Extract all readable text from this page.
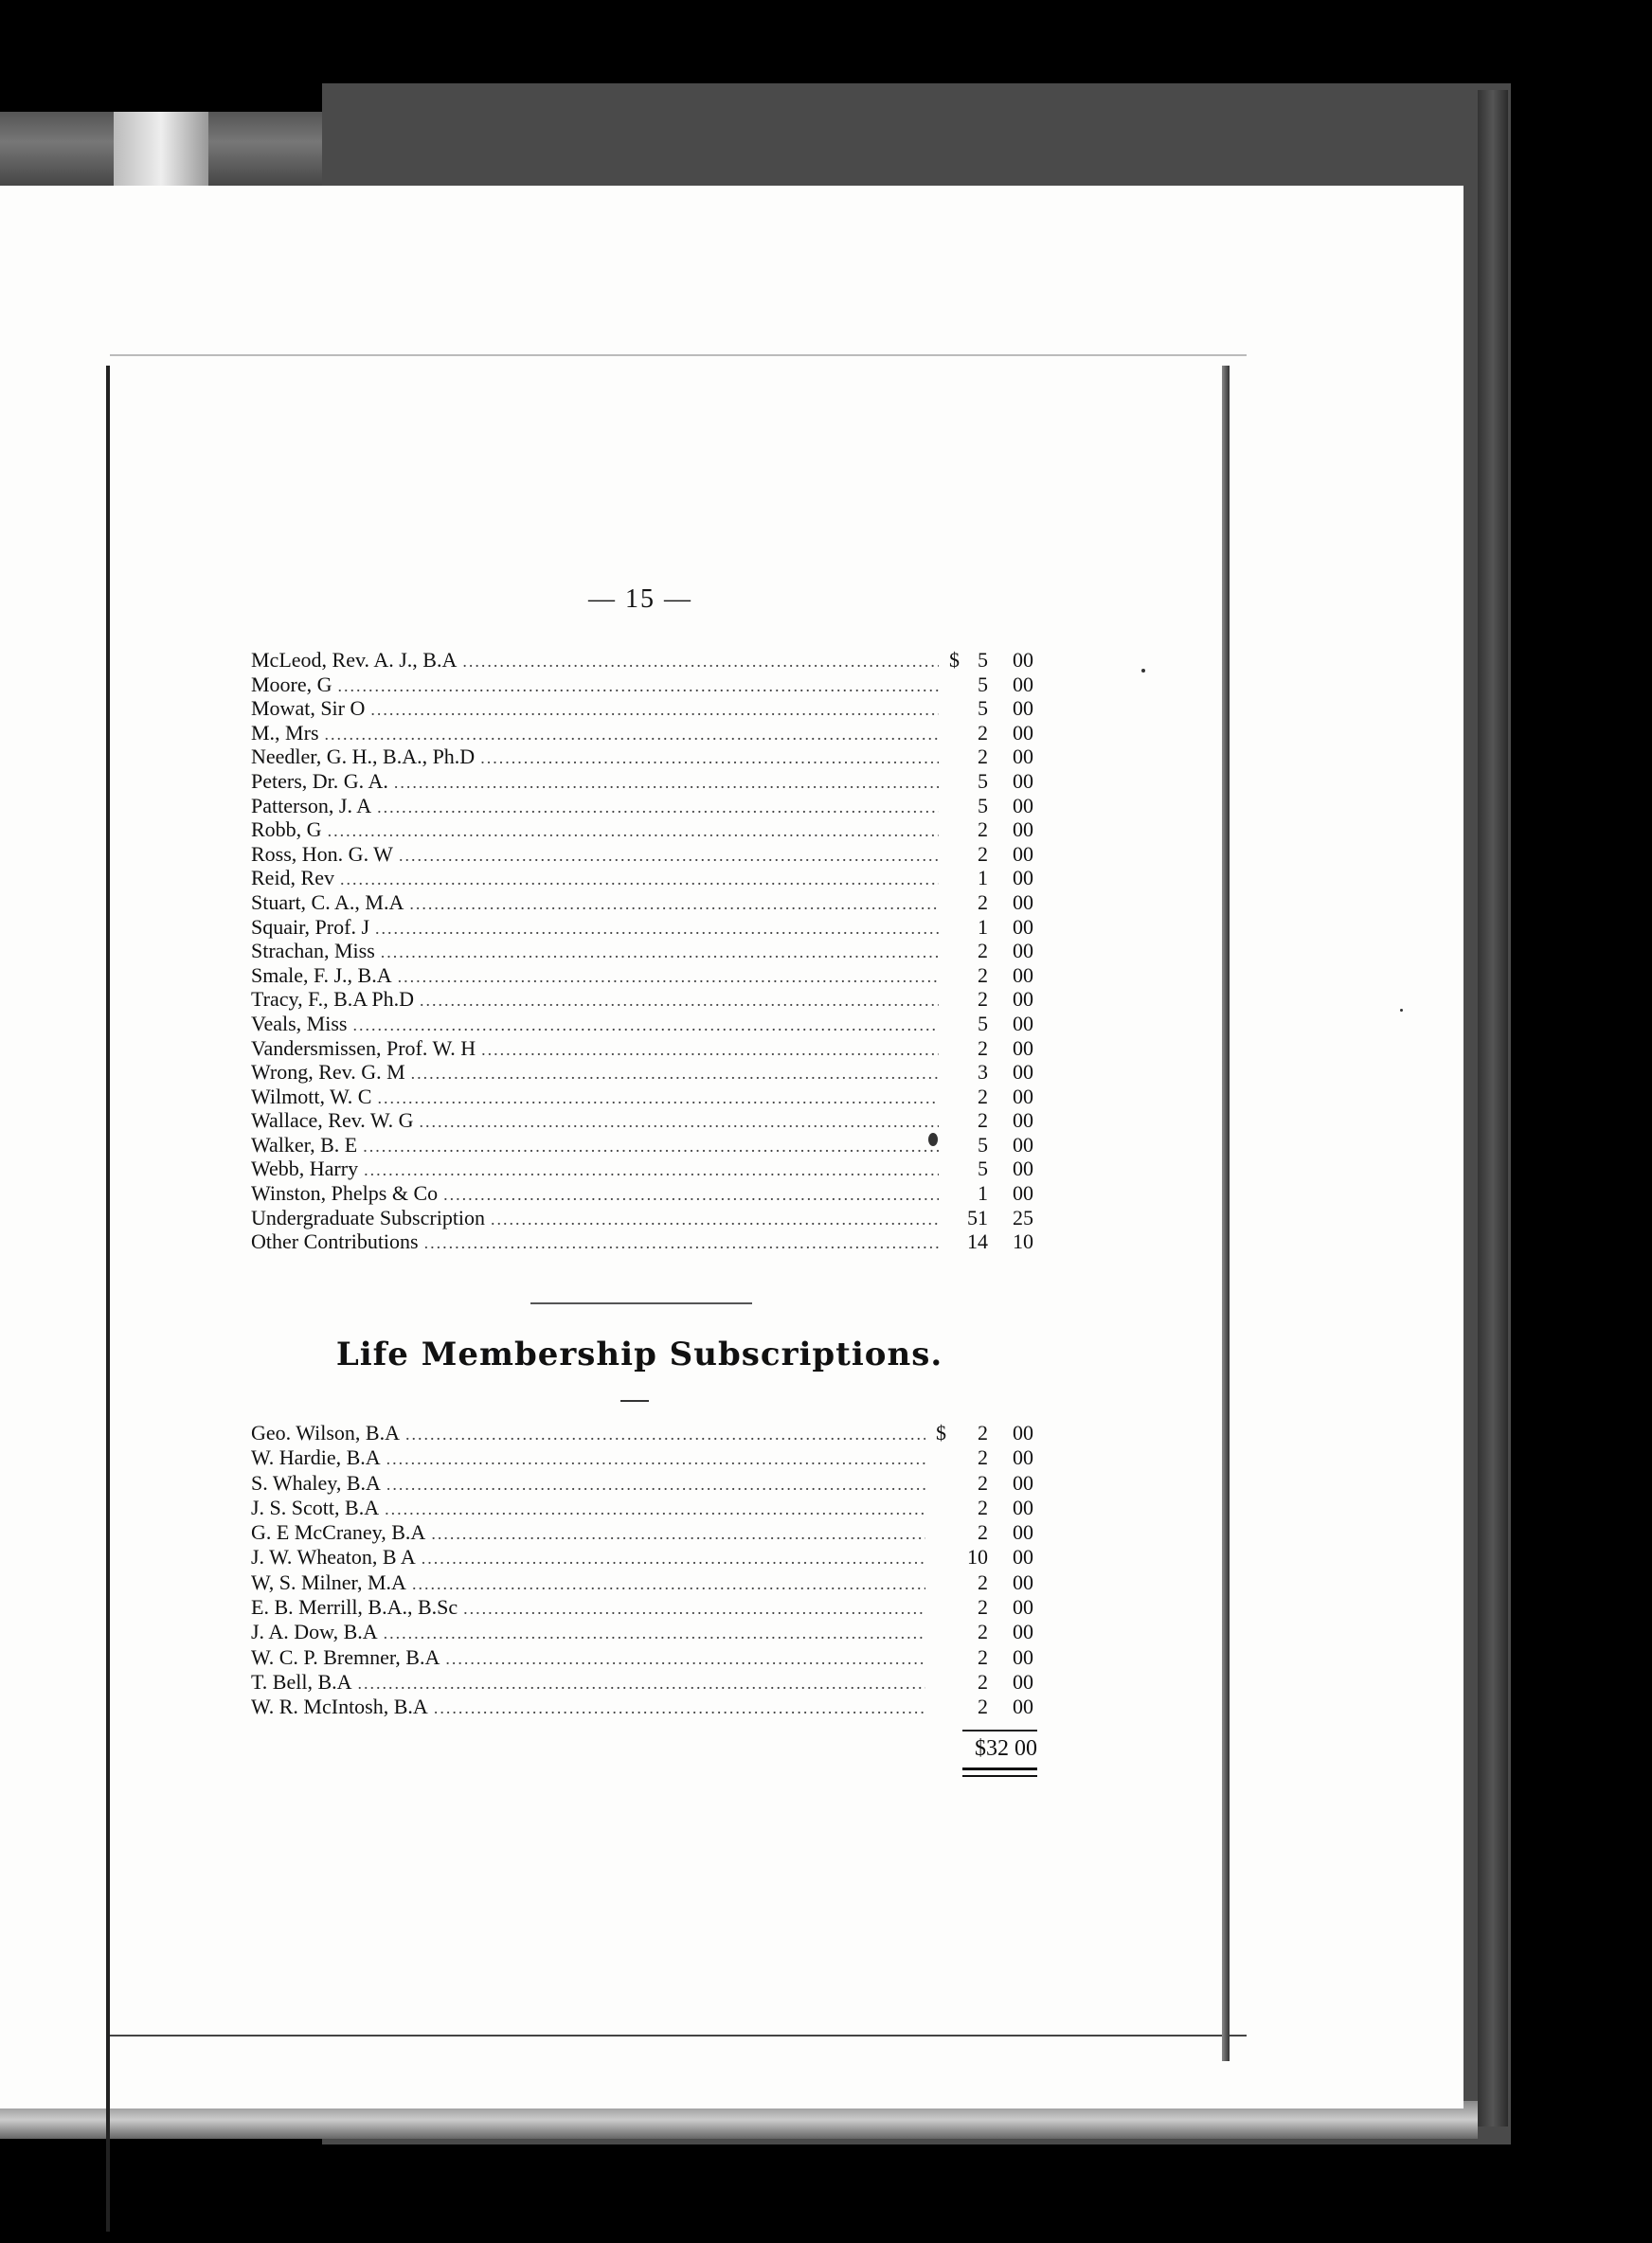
— 15 —
McLeod, Rev. A. J., B.A .....	$ 5	00
Moore, G .....	5	00
Mowat, Sir O .....	5	00
M., Mrs .....	2	00
Needler, G. H., B.A., Ph.D .....	2	00
Peters, Dr. G. A. .....	5	00
Patterson, J. A .....	5	00
Robb, G .....	2	00
Ross, Hon. G. W .....	2	00
Reid, Rev .....	1	00
Stuart, C. A., M.A .....	2	00
Squair, Prof. J .....	1	00
Strachan, Miss .....	2	00
Smale, F. J., B.A .....	2	00
Tracy, F., B.A Ph.D .....	2	00
Veals, Miss .....	5	00
Vandersmissen, Prof. W. H .....	2	00
Wrong, Rev. G. M .....	3	00
Wilmott, W. C .....	2	00
Wallace, Rev. W. G .....	2	00
Walker, B. E .....	5	00
Webb, Harry .....	5	00
Winston, Phelps & Co .....	1	00
Undergraduate Subscription .....	51	25
Other Contributions .....	14	10
Life Membership Subscriptions.
Geo. Wilson, B.A .....	$	2	00
W. Hardie, B.A .....	2	00
S. Whaley, B.A .....	2	00
J. S. Scott, B.A .....	2	00
G. E McCraney, B.A .....	2	00
J. W. Wheaton, B A .....	10	00
W, S. Milner, M.A .....	2	00
E. B. Merrill, B.A., B.Sc .....	2	00
J. A. Dow, B.A .....	2	00
W. C. P. Bremner, B.A .....	2	00
T. Bell, B.A .....	2	00
W. R. McIntosh, B.A .....	2	00
$32 00
